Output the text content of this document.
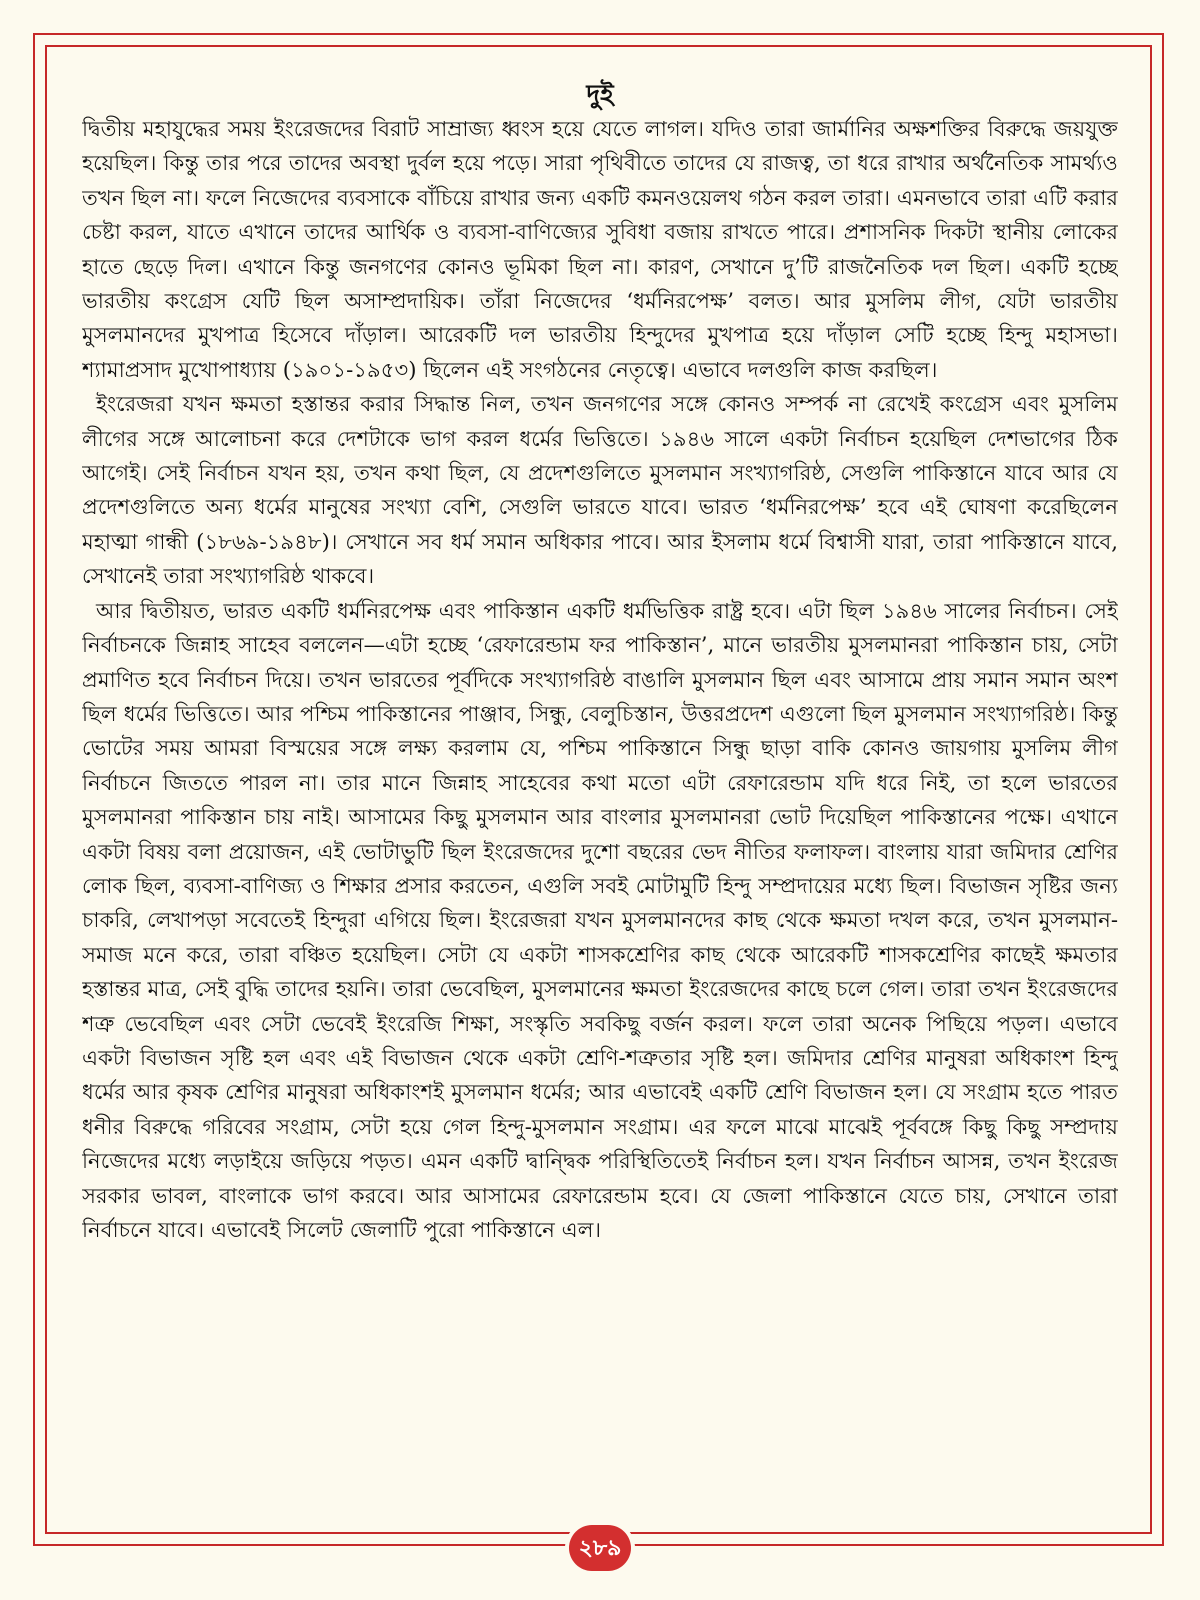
দুই

দ্বিতীয় মহাযুদ্ধের সময় ইংরেজদের বিরাট সাম্রাজ্য ধ্বংস হয়ে যেতে লাগল। যদিও তারা জার্মানির অক্ষশক্তির বিরুদ্ধে জয়যুক্ত হয়েছিল। কিন্তু তার পরে তাদের অবস্থা দুর্বল হয়ে পড়ে। সারা পৃথিবীতে তাদের যে রাজত্ব, তা ধরে রাখার অর্থনৈতিক সামর্থ্যও তখন ছিল না। ফলে নিজেদের ব্যবসাকে বাঁচিয়ে রাখার জন্য একটি কমনওয়েলথ গঠন করল তারা। এমনভাবে তারা এটি করার চেষ্টা করল, যাতে এখানে তাদের আর্থিক ও ব্যবসা-বাণিজ্যের সুবিধা বজায় রাখতে পারে। প্রশাসনিক দিকটা স্থানীয় লোকের হাতে ছেড়ে দিল। এখানে কিন্তু জনগণের কোনও ভূমিকা ছিল না। কারণ, সেখানে দু’টি রাজনৈতিক দল ছিল। একটি হচ্ছে ভারতীয় কংগ্রেস যেটি ছিল অসাম্প্রদায়িক। তাঁরা নিজেদের ‘ধর্মনিরপেক্ষ’ বলত। আর মুসলিম লীগ, যেটা ভারতীয় মুসলমানদের মুখপাত্র হিসেবে দাঁড়াল। আরেকটি দল ভারতীয় হিন্দুদের মুখপাত্র হয়ে দাঁড়াল সেটি হচ্ছে হিন্দু মহাসভা। শ্যামাপ্রসাদ মুখোপাধ্যায় (১৯০১-১৯৫৩) ছিলেন এই সংগঠনের নেতৃত্বে। এভাবে দলগুলি কাজ করছিল।

ইংরেজরা যখন ক্ষমতা হস্তান্তর করার সিদ্ধান্ত নিল, তখন জনগণের সঙ্গে কোনও সম্পর্ক না রেখেই কংগ্রেস এবং মুসলিম লীগের সঙ্গে আলোচনা করে দেশটাকে ভাগ করল ধর্মের ভিত্তিতে। ১৯৪৬ সালে একটা নির্বাচন হয়েছিল দেশভাগের ঠিক আগেই। সেই নির্বাচন যখন হয়, তখন কথা ছিল, যে প্রদেশগুলিতে মুসলমান সংখ্যাগরিষ্ঠ, সেগুলি পাকিস্তানে যাবে আর যে প্রদেশগুলিতে অন্য ধর্মের মানুষের সংখ্যা বেশি, সেগুলি ভারতে যাবে। ভারত ‘ধর্মনিরপেক্ষ’ হবে এই ঘোষণা করেছিলেন মহাত্মা গান্ধী (১৮৬৯-১৯৪৮)। সেখানে সব ধর্ম সমান অধিকার পাবে। আর ইসলাম ধর্মে বিশ্বাসী যারা, তারা পাকিস্তানে যাবে, সেখানেই তারা সংখ্যাগরিষ্ঠ থাকবে।

আর দ্বিতীয়ত, ভারত একটি ধর্মনিরপেক্ষ এবং পাকিস্তান একটি ধর্মভিত্তিক রাষ্ট্র হবে। এটা ছিল ১৯৪৬ সালের নির্বাচন। সেই নির্বাচনকে জিন্নাহ সাহেব বললেন—এটা হচ্ছে ‘রেফারেন্ডাম ফর পাকিস্তান’, মানে ভারতীয় মুসলমানরা পাকিস্তান চায়, সেটা প্রমাণিত হবে নির্বাচন দিয়ে। তখন ভারতের পূর্বদিকে সংখ্যাগরিষ্ঠ বাঙালি মুসলমান ছিল এবং আসামে প্রায় সমান সমান অংশ ছিল ধর্মের ভিত্তিতে। আর পশ্চিম পাকিস্তানের পাঞ্জাব, সিন্ধু, বেলুচিস্তান, উত্তরপ্রদেশ এগুলো ছিল মুসলমান সংখ্যাগরিষ্ঠ। কিন্তু ভোটের সময় আমরা বিস্ময়ের সঙ্গে লক্ষ্য করলাম যে, পশ্চিম পাকিস্তানে সিন্ধু ছাড়া বাকি কোনও জায়গায় মুসলিম লীগ নির্বাচনে জিততে পারল না। তার মানে জিন্নাহ সাহেবের কথা মতো এটা রেফারেন্ডাম যদি ধরে নিই, তা হলে ভারতের মুসলমানরা পাকিস্তান চায় নাই। আসামের কিছু মুসলমান আর বাংলার মুসলমানরা ভোট দিয়েছিল পাকিস্তানের পক্ষে। এখানে একটা বিষয় বলা প্রয়োজন, এই ভোটাভুটি ছিল ইংরেজদের দুশো বছরের ভেদ নীতির ফলাফল। বাংলায় যারা জমিদার শ্রেণির লোক ছিল, ব্যবসা-বাণিজ্য ও শিক্ষার প্রসার করতেন, এগুলি সবই মোটামুটি হিন্দু সম্প্রদায়ের মধ্যে ছিল। বিভাজন সৃষ্টির জন্য চাকরি, লেখাপড়া সবেতেই হিন্দুরা এগিয়ে ছিল। ইংরেজরা যখন মুসলমানদের কাছ থেকে ক্ষমতা দখল করে, তখন মুসলমান-সমাজ মনে করে, তারা বঞ্চিত হয়েছিল। সেটা যে একটা শাসকশ্রেণির কাছ থেকে আরেকটি শাসকশ্রেণির কাছেই ক্ষমতার হস্তান্তর মাত্র, সেই বুদ্ধি তাদের হয়নি। তারা ভেবেছিল, মুসলমানের ক্ষমতা ইংরেজদের কাছে চলে গেল। তারা তখন ইংরেজদের শত্রু ভেবেছিল এবং সেটা ভেবেই ইংরেজি শিক্ষা, সংস্কৃতি সবকিছু বর্জন করল। ফলে তারা অনেক পিছিয়ে পড়ল। এভাবে একটা বিভাজন সৃষ্টি হল এবং এই বিভাজন থেকে একটা শ্রেণি-শত্রুতার সৃষ্টি হল। জমিদার শ্রেণির মানুষরা অধিকাংশ হিন্দু ধর্মের আর কৃষক শ্রেণির মানুষরা অধিকাংশই মুসলমান ধর্মের; আর এভাবেই একটি শ্রেণি বিভাজন হল। যে সংগ্রাম হতে পারত ধনীর বিরুদ্ধে গরিবের সংগ্রাম, সেটা হয়ে গেল হিন্দু-মুসলমান সংগ্রাম। এর ফলে মাঝে মাঝেই পূর্ববঙ্গে কিছু কিছু সম্প্রদায় নিজেদের মধ্যে লড়াইয়ে জড়িয়ে পড়ত। এমন একটি দ্বান্দ্বিক পরিস্থিতিতেই নির্বাচন হল। যখন নির্বাচন আসন্ন, তখন ইংরেজ সরকার ভাবল, বাংলাকে ভাগ করবে। আর আসামের রেফারেন্ডাম হবে। যে জেলা পাকিস্তানে যেতে চায়, সেখানে তারা নির্বাচনে যাবে। এভাবেই সিলেট জেলাটি পুরো পাকিস্তানে এল।

২৮৯
